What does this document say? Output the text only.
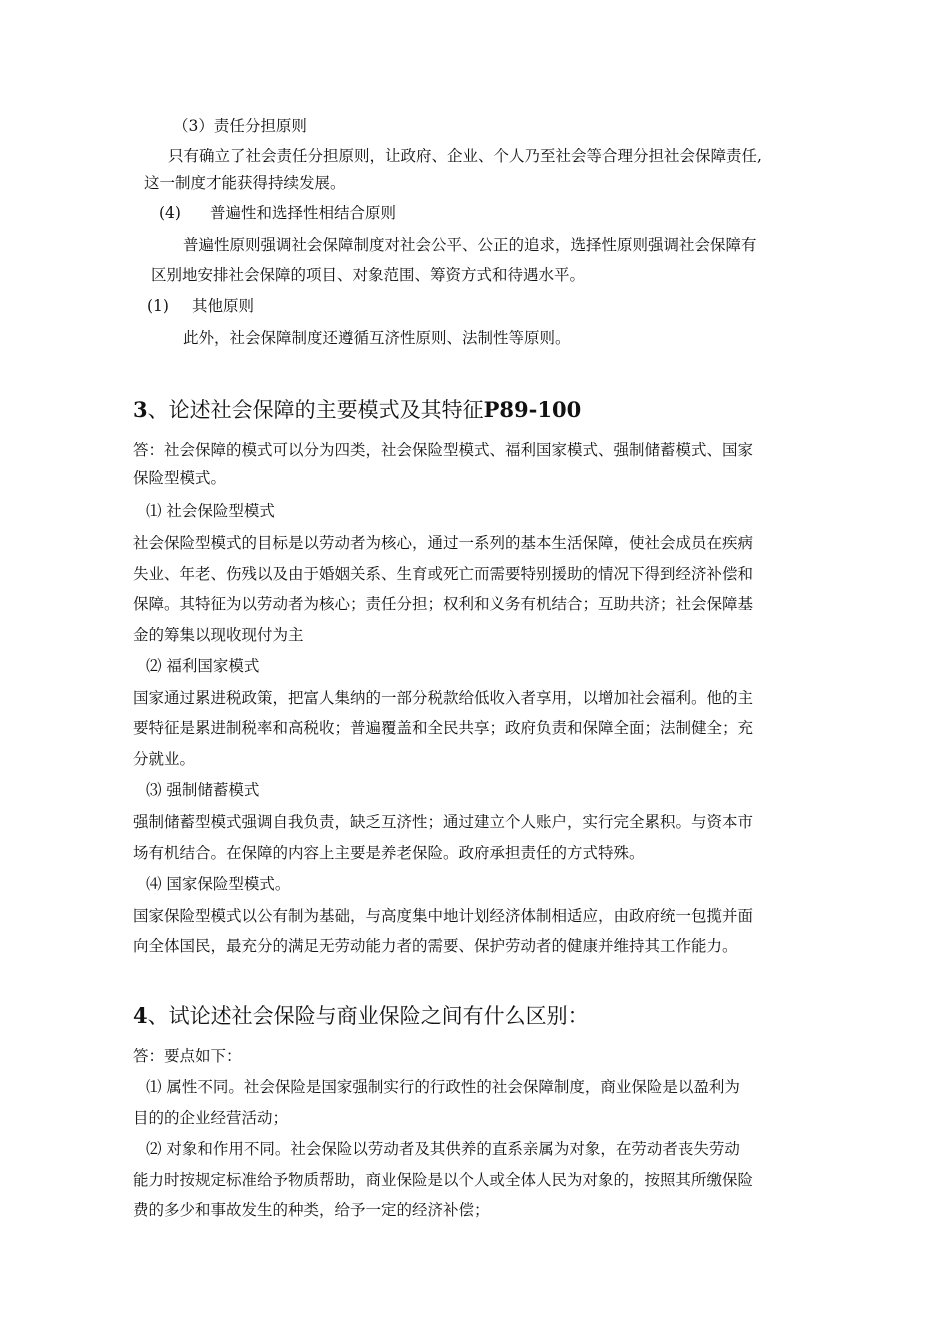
（3）责任分担原则
只有确立了社会责任分担原则，让政府、企业、个人乃至社会等合理分担社会保障责任,
这一制度才能获得持续发展。
(4) 普遍性和选择性相结合原则
普遍性原则强调社会保障制度对社会公平、公正的追求，选择性原则强调社会保障有
区别地安排社会保障的项目、对象范围、筹资方式和待遇水平。
(1) 其他原则
此外，社会保障制度还遵循互济性原则、法制性等原则。
3、论述社会保障的主要模式及其特征P89-100
答：社会保障的模式可以分为四类，社会保险型模式、福利国家模式、强制储蓄模式、国家
保险型模式。
⑴ 社会保险型模式
社会保险型模式的目标是以劳动者为核心，通过一系列的基本生活保障，使社会成员在疾病
失业、年老、伤残以及由于婚姻关系、生育或死亡而需要特别援助的情况下得到经济补偿和
保障。其特征为以劳动者为核心；责任分担；权利和义务有机结合；互助共济；社会保障基
金的筹集以现收现付为主
⑵ 福利国家模式
国家通过累进税政策，把富人集纳的一部分税款给低收入者享用，以增加社会福利。他的主
要特征是累进制税率和高税收；普遍覆盖和全民共享；政府负责和保障全面；法制健全；充
分就业。
⑶ 强制储蓄模式
强制储蓄型模式强调自我负责，缺乏互济性；通过建立个人账户，实行完全累积。与资本市
场有机结合。在保障的内容上主要是养老保险。政府承担责任的方式特殊。
⑷ 国家保险型模式。
国家保险型模式以公有制为基础，与高度集中地计划经济体制相适应，由政府统一包揽并面
向全体国民，最充分的满足无劳动能力者的需要、保护劳动者的健康并维持其工作能力。
4、试论述社会保险与商业保险之间有什么区别：
答：要点如下：
⑴ 属性不同。社会保险是国家强制实行的行政性的社会保障制度，商业保险是以盈利为
目的的企业经营活动；
⑵ 对象和作用不同。社会保险以劳动者及其供养的直系亲属为对象，在劳动者丧失劳动
能力时按规定标准给予物质帮助，商业保险是以个人或全体人民为对象的，按照其所缴保险
费的多少和事故发生的种类，给予一定的经济补偿；
